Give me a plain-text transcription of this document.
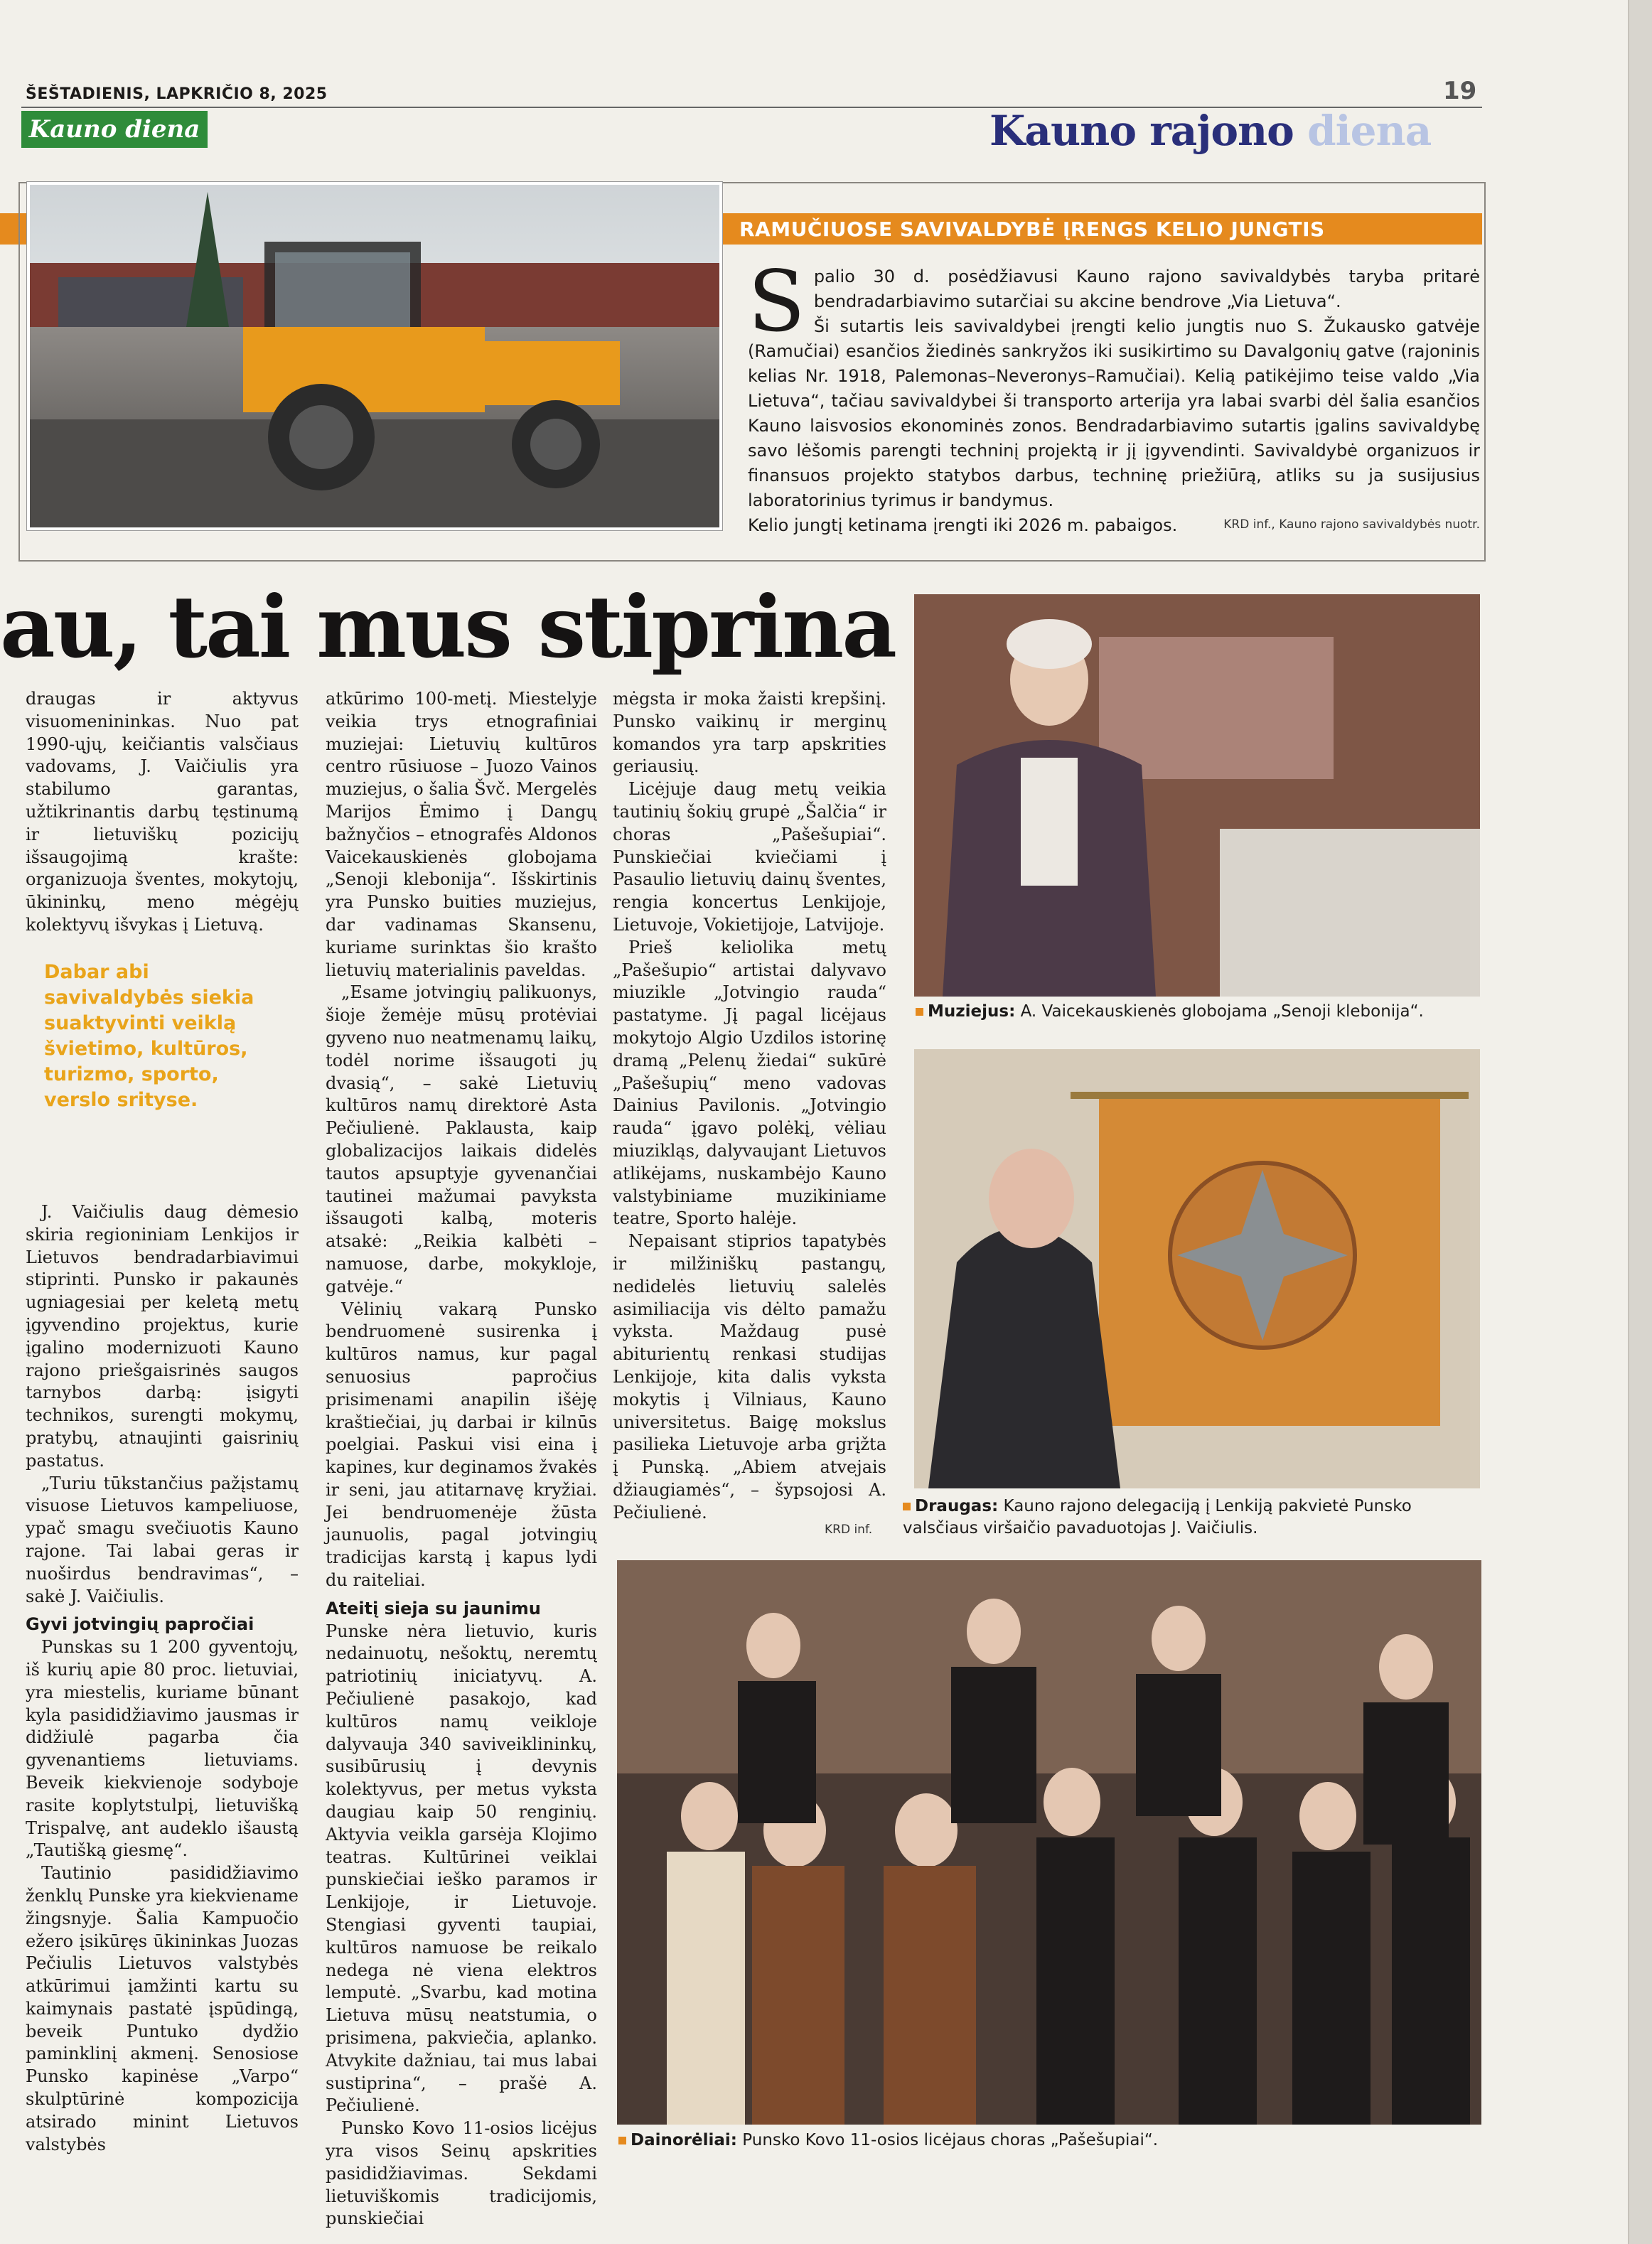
ŠEŠTADIENIS, LAPKRIČIO 8, 2025	19
Kauno diena	Kauno rajono diena
RAMUČIUOSE SAVIVALDYBĖ ĮRENGS KELIO JUNGTIS

Spalio 30 d. posėdžiavusi Kauno rajono savivaldybės taryba pritarė bendradarbiavimo sutarčiai su akcine bendrove „Via Lietuva“.

Ši sutartis leis savivaldybei įrengti kelio jungtis nuo S. Žukausko gatvėje (Ramučiai) esančios žiedinės sankryžos iki susikirtimo su Davalgonių gatve (rajoninis kelias Nr. 1918, Palemonas–Neveronys–Ramučiai). Kelią patikėjimo teise valdo „Via Lietuva“, tačiau savivaldybei ši transporto arterija yra labai svarbi dėl šalia esančios Kauno laisvosios ekonominės zonos. Bendradarbiavimo sutartis įgalins savivaldybę savo lėšomis parengti techninį projektą ir jį įgyvendinti. Savivaldybė organizuos ir finansuos projekto statybos darbus, techninę priežiūrą, atliks su ja susijusius laboratorinius tyrimus ir bandymus.

Kelio jungtį ketinama įrengti iki 2026 m. pabaigos.	KRD inf., Kauno rajono savivaldybės nuotr.
au, tai mus stiprina

draugas ir aktyvus visuomenininkas. Nuo pat 1990-ųjų, keičiantis valsčiaus vadovams, J. Vaičiulis yra stabilumo garantas, užtikrinantis darbų tęstinumą ir lietuviškų pozicijų išsaugojimą krašte: organizuoja šventes, mokytojų, ūkininkų, meno mėgėjų kolektyvų išvykas į Lietuvą.

Dabar abi savivaldybės siekia suaktyvinti veiklą švietimo, kultūros, turizmo, sporto, verslo srityse.

J. Vaičiulis daug dėmesio skiria regioniniam Lenkijos ir Lietuvos bendradarbiavimui stiprinti. Punsko ir pakaunės ugniagesiai per keletą metų įgyvendino projektus, kurie įgalino modernizuoti Kauno rajono priešgaisrinės saugos tarnybos darbą: įsigyti technikos, surengti mokymų, pratybų, atnaujinti gaisrinių pastatus.

„Turiu tūkstančius pažįstamų visuose Lietuvos kampeliuose, ypač smagu svečiuotis Kauno rajone. Tai labai geras ir nuoširdus bendravimas“, – sakė J. Vaičiulis.

Gyvi jotvingių papročiai

Punskas su 1 200 gyventojų, iš kurių apie 80 proc. lietuviai, yra miestelis, kuriame būnant kyla pasididžiavimo jausmas ir didžiulė pagarba čia gyvenantiems lietuviams. Beveik kiekvienoje sodyboje rasite koplytstulpį, lietuvišką Trispalvę, ant audeklo išaustą „Tautišką giesmę“.

Tautinio pasididžiavimo ženklų Punske yra kiekviename žingsnyje. Šalia Kampuočio ežero įsikūręs ūkininkas Juozas Pečiulis Lietuvos valstybės atkūrimui įamžinti kartu su kaimynais pastatė įspūdingą, beveik Puntuko dydžio paminklinį akmenį. Senosiose Punsko kapinėse „Varpo“ skulptūrinė kompozicija atsirado minint Lietuvos valstybės

atkūrimo 100-metį. Miestelyje veikia trys etnografiniai muziejai: Lietuvių kultūros centro rūsiuose – Juozo Vainos muziejus, o šalia Švč. Mergelės Marijos Ėmimo į Dangų bažnyčios – etnografės Aldonos Vaicekauskienės globojama „Senoji klebonija“. Išskirtinis yra Punsko buities muziejus, dar vadinamas Skansenu, kuriame surinktas šio krašto lietuvių materialinis paveldas.

„Esame jotvingių palikuonys, šioje žemėje mūsų protėviai gyveno nuo neatmenamų laikų, todėl norime išsaugoti jų dvasią“, – sakė Lietuvių kultūros namų direktorė Asta Pečiulienė. Paklausta, kaip globalizacijos laikais didelės tautos apsuptyje gyvenančiai tautinei mažumai pavyksta išsaugoti kalbą, moteris atsakė: „Reikia kalbėti – namuose, darbe, mokykloje, gatvėje.“

Vėlinių vakarą Punsko bendruomenė susirenka į kultūros namus, kur pagal senuosius papročius prisimenami anapilin išėję kraštiečiai, jų darbai ir kilnūs poelgiai. Paskui visi eina į kapines, kur deginamos žvakės ir seni, jau atitarnavę kryžiai. Jei bendruomenėje žūsta jaunuolis, pagal jotvingių tradicijas karstą į kapus lydi du raiteliai.

Ateitį sieja su jaunimu

Punske nėra lietuvio, kuris nedainuotų, nešoktų, neremtų patriotinių iniciatyvų. A. Pečiulienė pasakojo, kad kultūros namų veikloje dalyvauja 340 saviveiklininkų, susibūrusių į devynis kolektyvus, per metus vyksta daugiau kaip 50 renginių. Aktyvia veikla garsėja Klojimo teatras. Kultūrinei veiklai punskiečiai ieško paramos ir Lenkijoje, ir Lietuvoje. Stengiasi gyventi taupiai, kultūros namuose be reikalo nedega nė viena elektros lemputė. „Svarbu, kad motina Lietuva mūsų neatstumia, o prisimena, pakviečia, aplanko. Atvykite dažniau, tai mus labai sustiprina“, – prašė A. Pečiulienė.

Punsko Kovo 11-osios licėjus yra visos Seinų apskrities pasididžiavimas. Sekdami lietuviškomis tradicijomis, punskiečiai

mėgsta ir moka žaisti krepšinį. Punsko vaikinų ir merginų komandos yra tarp apskrities geriausių.

Licėjuje daug metų veikia tautinių šokių grupė „Šalčia“ ir choras „Pašešupiai“. Punskiečiai kviečiami į Pasaulio lietuvių dainų šventes, rengia koncertus Lenkijoje, Lietuvoje, Vokietijoje, Latvijoje.

Prieš keliolika metų „Pašešupio“ artistai dalyvavo miuzikle „Jotvingio rauda“ pastatyme. Jį pagal licėjaus mokytojo Algio Uzdilos istorinę dramą „Pelenų žiedai“ sukūrė „Pašešupių“ meno vadovas Dainius Pavilonis. „Jotvingio rauda“ įgavo polėkį, vėliau miuzikląs, dalyvaujant Lietuvos atlikėjams, nuskambėjo Kauno valstybiniame muzikiniame teatre, Sporto halėje.

Nepaisant stiprios tapatybės ir milžiniškų pastangų, nedidelės lietuvių salelės asimiliacija vis dėlto pamažu vyksta. Maždaug pusė abiturientų renkasi studijas Lenkijoje, kita dalis vyksta mokytis į Vilniaus, Kauno universitetus. Baigę mokslus pasilieka Lietuvoje arba grįžta į Punską. „Abiem atvejais džiaugiamės“, – šypsojosi A. Pečiulienė.

KRD inf.
Muziejus: A. Vaicekauskienės globojama „Senoji klebonija“.
Draugas: Kauno rajono delegaciją į Lenkiją pakvietė Punsko valsčiaus viršaičio pavaduotojas J. Vaičiulis.
Dainorėliai: Punsko Kovo 11-osios licėjaus choras „Pašešupiai“.
